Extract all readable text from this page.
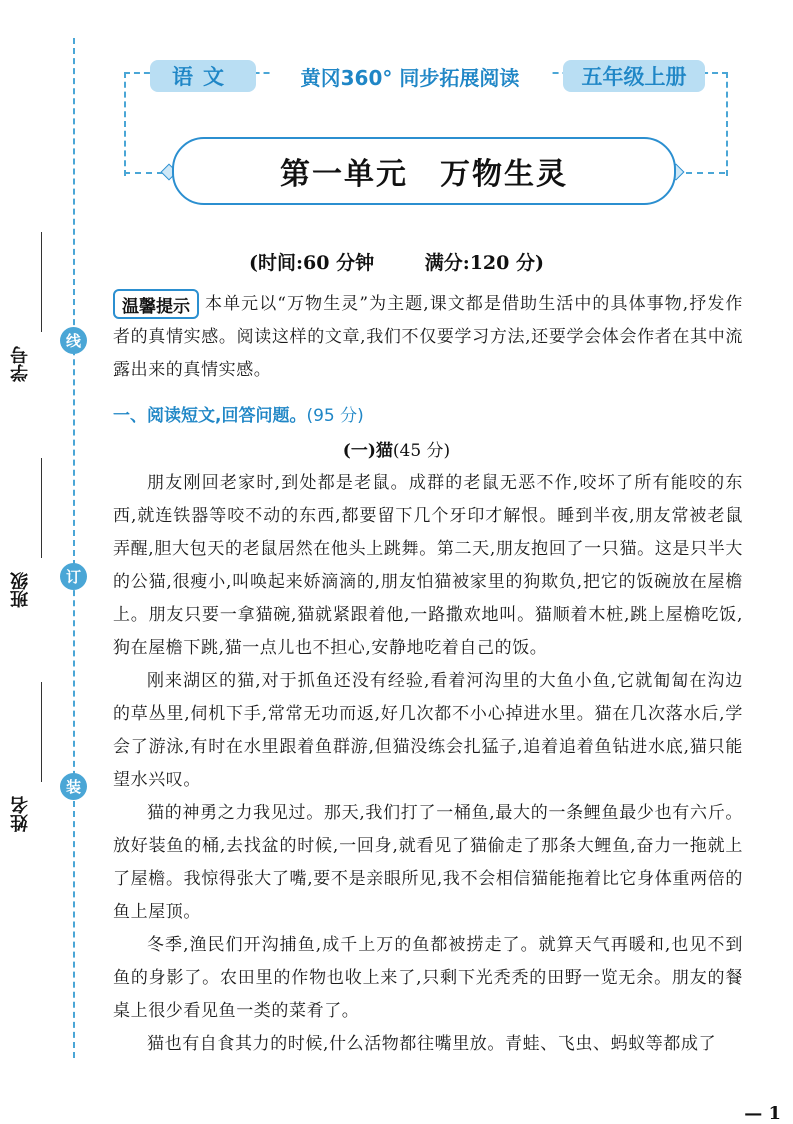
线
订
装
学号
班级
姓名
语文	黄冈360° 同步拓展阅读	五年级上册
第一单元　万物生灵
(时间:60 分钟	满分:120 分)
温馨提示 本单元以“万物生灵”为主题,课文都是借助生活中的具体事物,抒发作者的真情实感。阅读这样的文章,我们不仅要学习方法,还要学会体会作者在其中流露出来的真情实感。

一、阅读短文,回答问题。(95 分)
(一)猫(45 分)

朋友刚回老家时,到处都是老鼠。成群的老鼠无恶不作,咬坏了所有能咬的东西,就连铁器等咬不动的东西,都要留下几个牙印才解恨。睡到半夜,朋友常被老鼠弄醒,胆大包天的老鼠居然在他头上跳舞。第二天,朋友抱回了一只猫。这是只半大的公猫,很瘦小,叫唤起来娇滴滴的,朋友怕猫被家里的狗欺负,把它的饭碗放在屋檐上。朋友只要一拿猫碗,猫就紧跟着他,一路撒欢地叫。猫顺着木桩,跳上屋檐吃饭,狗在屋檐下跳,猫一点儿也不担心,安静地吃着自己的饭。

刚来湖区的猫,对于抓鱼还没有经验,看着河沟里的大鱼小鱼,它就匍匐在沟边的草丛里,伺机下手,常常无功而返,好几次都不小心掉进水里。猫在几次落水后,学会了游泳,有时在水里跟着鱼群游,但猫没练会扎猛子,追着追着鱼钻进水底,猫只能望水兴叹。

猫的神勇之力我见过。那天,我们打了一桶鱼,最大的一条鲤鱼最少也有六斤。放好装鱼的桶,去找盆的时候,一回身,就看见了猫偷走了那条大鲤鱼,奋力一拖就上了屋檐。我惊得张大了嘴,要不是亲眼所见,我不会相信猫能拖着比它身体重两倍的鱼上屋顶。

冬季,渔民们开沟捕鱼,成千上万的鱼都被捞走了。就算天气再暖和,也见不到鱼的身影了。农田里的作物也收上来了,只剩下光秃秃的田野一览无余。朋友的餐桌上很少看见鱼一类的菜肴了。

猫也有自食其力的时候,什么活物都往嘴里放。青蛙、飞虫、蚂蚁等都成了

— 1
